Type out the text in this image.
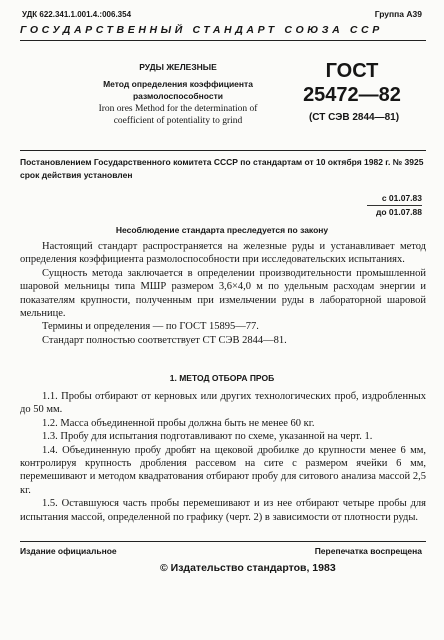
УДК 622.341.1.001.4.:006.354	Группа А39
ГОСУДАРСТВЕННЫЙ СТАНДАРТ СОЮЗА ССР
РУДЫ ЖЕЛЕЗНЫЕ
Метод определения коэффициента размолоспособности
Iron ores Method for the determination of coefficient of potentiality to grind
ГОСТ
25472—82
(СТ СЭВ 2844—81)
Постановлением Государственного комитета СССР по стандартам от 10 октября 1982 г. № 3925 срок действия установлен
с 01.07.83
до 01.07.88
Несоблюдение стандарта преследуется по закону

Настоящий стандарт распространяется на железные руды и устанавливает метод определения коэффициента размолоспособности при исследовательских испытаниях.

Сущность метода заключается в определении производительности промышленной шаровой мельницы типа МШР размером 3,6×4,0 м по удельным расходам энергии и показателям крупности, полученным при измельчении руды в лабораторной шаровой мельнице.

Термины и определения — по ГОСТ 15895—77.

Стандарт полностью соответствует СТ СЭВ 2844—81.

1. МЕТОД ОТБОРА ПРОБ

1.1. Пробы отбирают от керновых или других технологических проб, издробленных до 50 мм.

1.2. Масса объединенной пробы должна быть не менее 60 кг.

1.3. Пробу для испытания подготавливают по схеме, указанной на черт. 1.

1.4. Объединенную пробу дробят на щековой дробилке до крупности менее 6 мм, контролируя крупность дробления рассевом на сите с размером ячейки 6 мм, перемешивают и методом квадратования отбирают пробу для ситового анализа массой 2,5 кг.

1.5. Оставшуюся часть пробы перемешивают и из нее отбирают четыре пробы для испытания массой, определенной по графику (черт. 2) в зависимости от плотности руды.

Издание официальное	Перепечатка воспрещена
© Издательство стандартов, 1983
